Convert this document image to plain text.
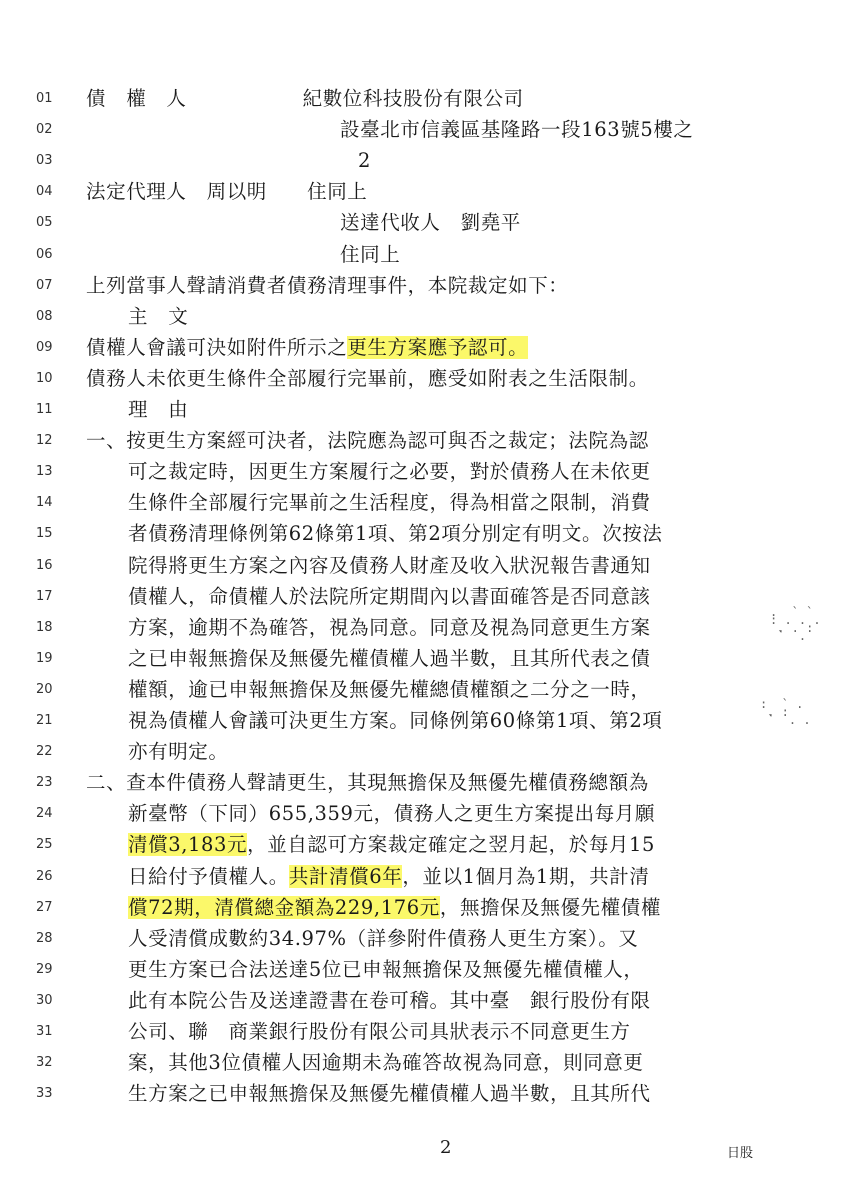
01	債　權　人　	紀數位科技股份有限公司
02	設臺北市信義區基隆路一段163號5樓之
03	2
04	法定代理人　周以明　　住同上
05	送達代收人　劉堯平
06	住同上
07	上列當事人聲請消費者債務清理事件，本院裁定如下：
08	主　文
09	債權人會議可決如附件所示之更生方案應予認可。
10	債務人未依更生條件全部履行完畢前，應受如附表之生活限制。
11	理　由
12	一、按更生方案經可決者，法院應為認可與否之裁定；法院為認
13	可之裁定時，因更生方案履行之必要，對於債務人在未依更
14	生條件全部履行完畢前之生活程度，得為相當之限制，消費
15	者債務清理條例第62條第1項、第2項分別定有明文。次按法
16	院得將更生方案之內容及債務人財產及收入狀況報告書通知
17	債權人，命債權人於法院所定期間內以書面確答是否同意該
18	方案，逾期不為確答，視為同意。同意及視為同意更生方案
19	之已申報無擔保及無優先權債權人過半數，且其所代表之債
20	權額，逾已申報無擔保及無優先權總債權額之二分之一時，
21	視為債權人會議可決更生方案。同條例第60條第1項、第2項
22	亦有明定。
23	二、查本件債務人聲請更生，其現無擔保及無優先權債務總額為
24	新臺幣（下同）655,359元，債務人之更生方案提出每月願
25	清償3,183元，並自認可方案裁定確定之翌月起，於每月15
26	日給付予債權人。共計清償6年，並以1個月為1期，共計清
27	償72期，清償總金額為229,176元，無擔保及無優先權債權
28	人受清償成數約34.97%（詳參附件債務人更生方案）。又
29	更生方案已合法送達5位已申報無擔保及無優先權債權人，
30	此有本院公告及送達證書在卷可稽。其中臺　銀行股份有限
31	公司、聯　商業銀行股份有限公司具狀表示不同意更生方
32	案，其他3位債權人因逾期未為確答故視為同意，則同意更
33	生方案之已申報無擔保及無優先權債權人過半數，且其所代
2	日股
.  ` `
: . . .
. . :
`  .
:  ` .
. :
`  . .
